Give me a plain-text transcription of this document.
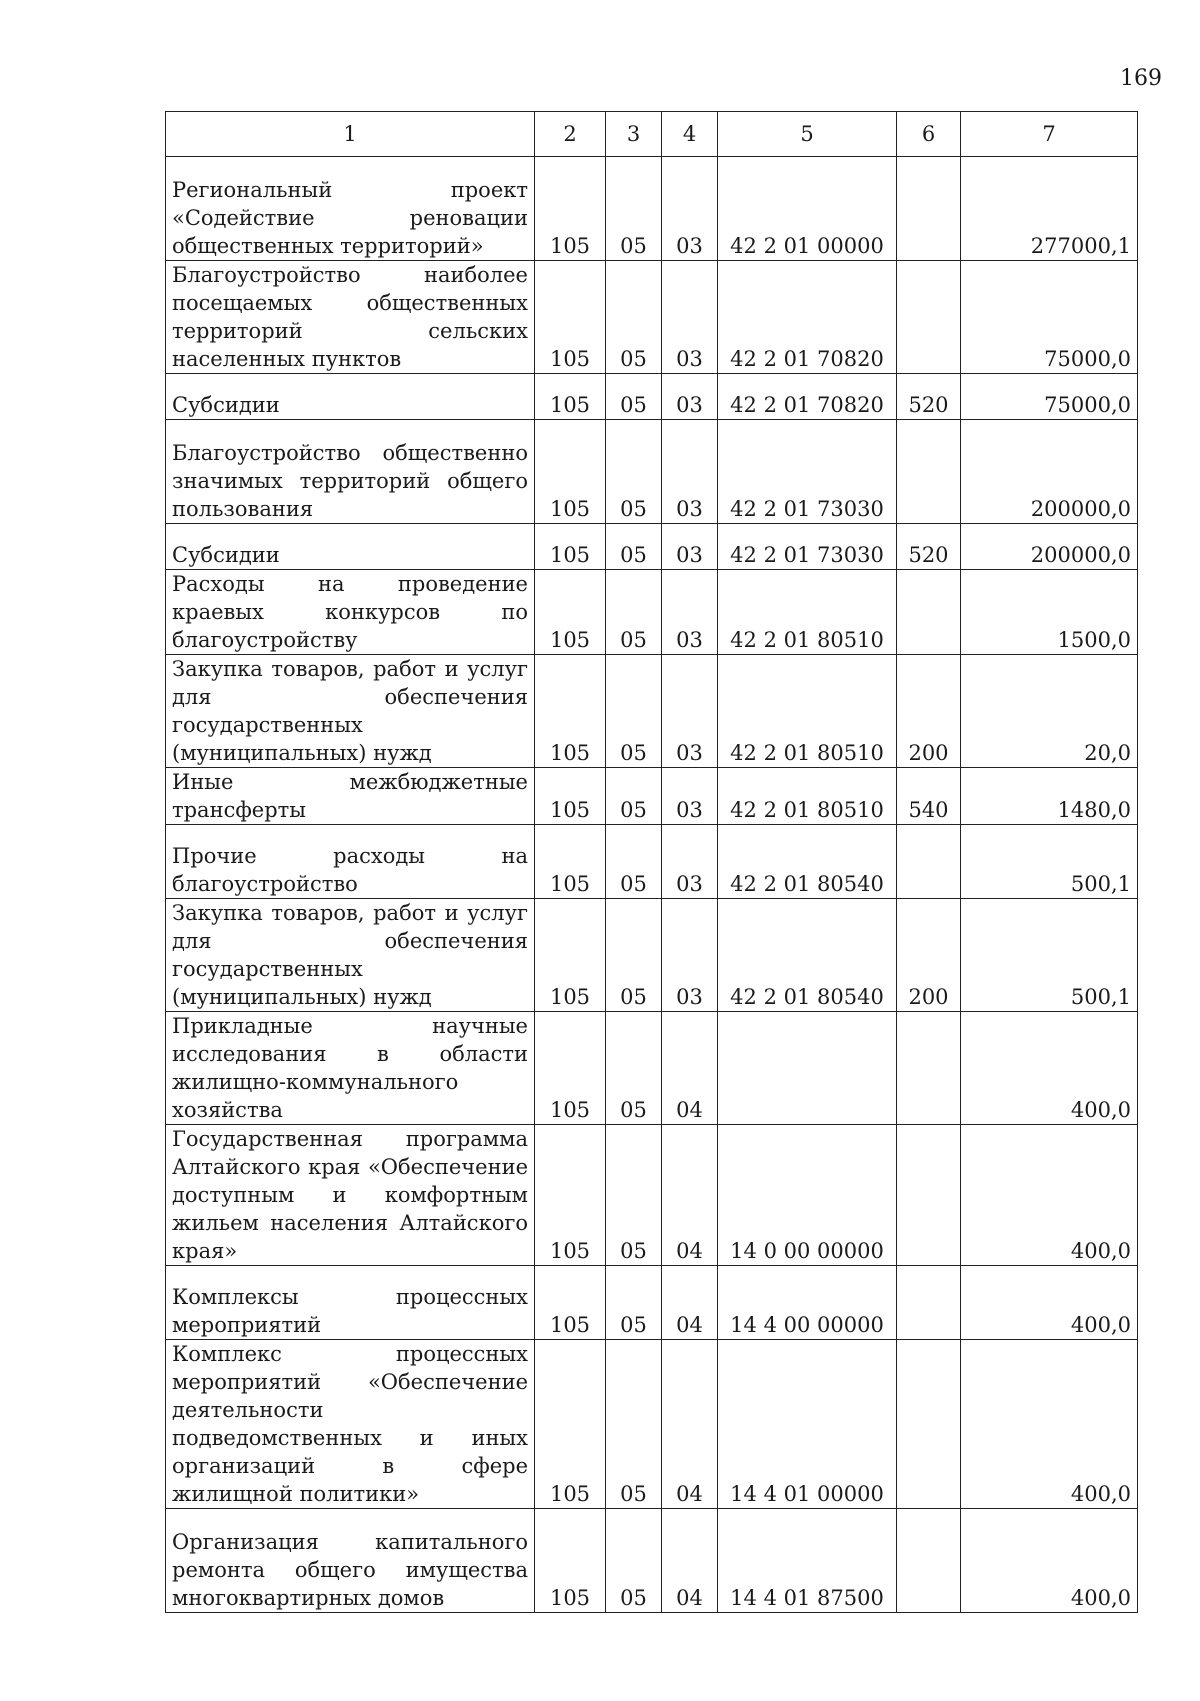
169
1	2	3	4	5	6	7
Региональный проект «Содействие реновации общественных территорий»	105	05	03	42 2 01 00000		277000,1
Благоустройство наиболее посещаемых общественных территорий сельских населенных пунктов	105	05	03	42 2 01 70820		75000,0
Субсидии	105	05	03	42 2 01 70820	520	75000,0
Благоустройство общественно значимых территорий общего пользования	105	05	03	42 2 01 73030		200000,0
Субсидии	105	05	03	42 2 01 73030	520	200000,0
Расходы на проведение краевых конкурсов по благоустройству	105	05	03	42 2 01 80510		1500,0
Закупка товаров, работ и услуг для обеспечения государственных (муниципальных) нужд	105	05	03	42 2 01 80510	200	20,0
Иные межбюджетные трансферты	105	05	03	42 2 01 80510	540	1480,0
Прочие расходы на благоустройство	105	05	03	42 2 01 80540		500,1
Закупка товаров, работ и услуг для обеспечения государственных (муниципальных) нужд	105	05	03	42 2 01 80540	200	500,1
Прикладные научные исследования в области жилищно-коммунального хозяйства	105	05	04			400,0
Государственная программа Алтайского края «Обеспечение доступным и комфортным жильем населения Алтайского края»	105	05	04	14 0 00 00000		400,0
Комплексы процессных мероприятий	105	05	04	14 4 00 00000		400,0
Комплекс процессных мероприятий «Обеспечение деятельности подведомственных и иных организаций в сфере жилищной политики»	105	05	04	14 4 01 00000		400,0
Организация капитального ремонта общего имущества многоквартирных домов	105	05	04	14 4 01 87500		400,0
